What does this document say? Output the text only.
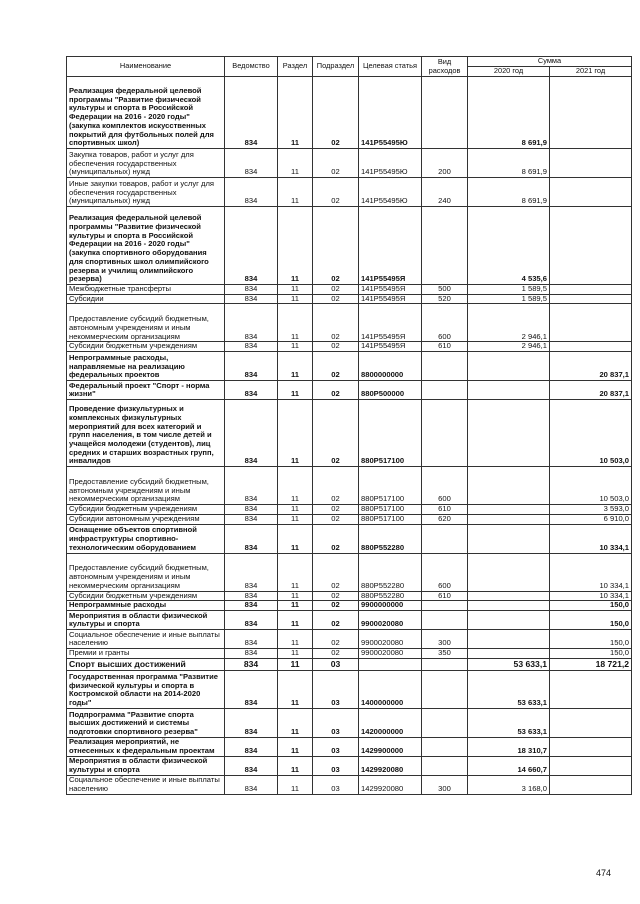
Наименование	Ведомство	Раздел	Подраздел	Целевая статья	Вид расходов	Сумма	
						2020 год	2021 год
Реализация федеральной целевой программы "Развитие физической культуры и спорта в Российской Федерации на 2016 - 2020 годы" (закупка комплектов искусственных покрытий для футбольных полей для спортивных школ)	834	11	02	141P55495Ю		8 691,9	
Закупка товаров, работ и услуг для обеспечения государственных (муниципальных) нужд	834	11	02	141P55495Ю	200	8 691,9	
Иные закупки товаров, работ и услуг для обеспечения государственных (муниципальных) нужд	834	11	02	141P55495Ю	240	8 691,9	
Реализация федеральной целевой программы "Развитие физической культуры и спорта в Российской Федерации на 2016 - 2020 годы" (закупка спортивного оборудования для спортивных школ олимпийского резерва и училищ олимпийского резерва)	834	11	02	141P55495Я		4 535,6	
Межбюджетные трансферты	834	11	02	141P55495Я	500	1 589,5	
Субсидии	834	11	02	141P55495Я	520	1 589,5	
Предоставление субсидий бюджетным, автономным учреждениям и иным некоммерческим организациям	834	11	02	141P55495Я	600	2 946,1	
Субсидии бюджетным учреждениям	834	11	02	141P55495Я	610	2 946,1	
Непрограммные расходы, направляемые на реализацию федеральных проектов	834	11	02	8800000000			20 837,1
Федеральный проект "Спорт - норма жизни"	834	11	02	880P500000			20 837,1
Проведение физкультурных и комплексных физкультурных мероприятий для всех категорий и групп населения, в том числе детей и учащейся молодежи (студентов), лиц средних и старших возрастных групп, инвалидов	834	11	02	880P517100			10 503,0
Предоставление субсидий бюджетным, автономным учреждениям и иным некоммерческим организациям	834	11	02	880P517100	600		10 503,0
Субсидии бюджетным учреждениям	834	11	02	880P517100	610		3 593,0
Субсидии автономным учреждениям	834	11	02	880P517100	620		6 910,0
Оснащение объектов спортивной инфраструктуры спортивно-технологическим оборудованием	834	11	02	880P552280			10 334,1
Предоставление субсидий бюджетным, автономным учреждениям и иным некоммерческим организациям	834	11	02	880P552280	600		10 334,1
Субсидии бюджетным учреждениям	834	11	02	880P552280	610		10 334,1
Непрограммные расходы	834	11	02	9900000000			150,0
Мероприятия в области физической культуры и спорта	834	11	02	9900020080			150,0
Социальное обеспечение и иные выплаты населению	834	11	02	9900020080	300		150,0
Премии и гранты	834	11	02	9900020080	350		150,0
Спорт высших достижений	834	11	03			53 633,1	18 721,2
Государственная программа "Развитие физической культуры и спорта в Костромской области на 2014-2020 годы"	834	11	03	1400000000		53 633,1	
Подпрограмма "Развитие спорта высших достижений и системы подготовки спортивного резерва"	834	11	03	1420000000		53 633,1	
Реализация мероприятий, не отнесенных к федеральным проектам	834	11	03	1429900000		18 310,7	
Мероприятия в области физической культуры и спорта	834	11	03	1429920080		14 660,7	
Социальное обеспечение и иные выплаты населению	834	11	03	1429920080	300	3 168,0	
474
